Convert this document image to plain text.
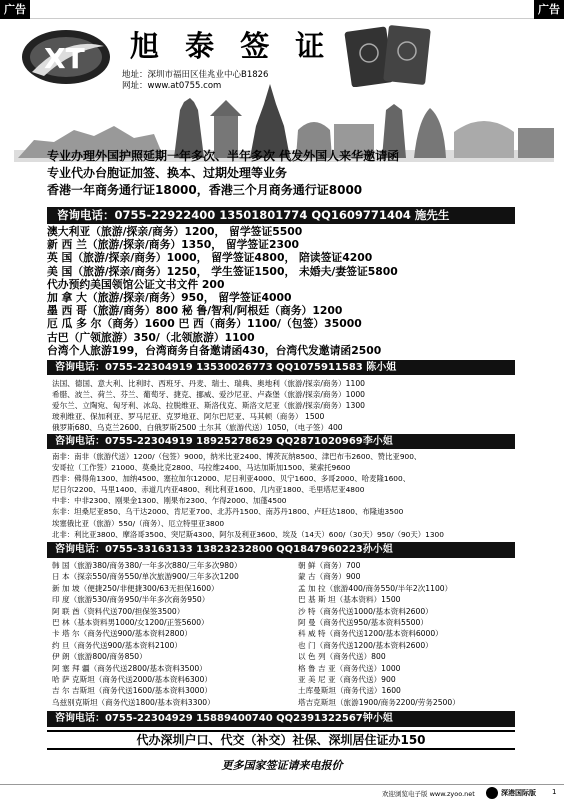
广告	广告
XT 旭 泰 签 证
地址：深圳市福田区佳兆业中心B1826
网址：www.at0755.com
专业办理外国护照延期一年多次、半年多次 代发外国人来华邀请函
专业代办台胞证加签、换本、过期处理等业务
香港一年商务通行证18000，香港三个月商务通行证8000
咨询电话：0755-22922400 13501801774 QQ1609771404 施先生
澳大利亚（旅游/探亲/商务）1200， 留学签证5500
新 西 兰（旅游/探亲/商务）1350， 留学签证2300
英 国（旅游/探亲/商务）1000， 留学签证4800， 陪读签证4200
美 国（旅游/探亲/商务）1250， 学生签证1500， 未婚夫/妻签证5800
代办预约美国领馆公证文书文件 200
加 拿 大（旅游/探亲/商务）950， 留学签证4000
墨 西 哥（旅游/商务）800 秘 鲁/智利/阿根廷（商务）1200
厄 瓜 多 尔（商务）1600 巴 西（商务）1100/（包签）35000
古巴（广领旅游）350/（北领旅游）1100
台湾个人旅游199，台湾商务自备邀请函430，台湾代发邀请函2500
咨询电话：0755-22304919 13530026773 QQ1075911583 陈小姐
法国、德国、意大利、比利时、西班牙、丹麦、瑞士、瑞典、奥地利（旅游/探亲/商务）1100
希腊、波兰、荷兰、芬兰、葡萄牙、捷克、挪威、爱沙尼亚、卢森堡（旅游/探亲/商务）1000
爱尔兰、立陶宛、匈牙利、冰岛、拉脱维亚、斯洛伐克、斯洛文尼亚（旅游/探亲/商务）1300
玻利维亚、保加利亚、罗马尼亚、克罗地亚、阿尔巴尼亚、马其顿（商务） 1500
俄罗斯680、乌克兰2600、白俄罗斯2500 土尔其（旅游代送）1050，（电子签）400
咨询电话：0755-22304919 18925278629 QQ2871020969李小姐
南非：南非（旅游代送）1200/（包签）9000，纳米比亚2400、博茨瓦纳8500、津巴布韦2600、赞比亚900、
安哥拉（工作签）21000、莫桑比克2800、马拉维2400、马达加斯加1500、莱索托9600
西非：佛得角1300、加纳4500、塞拉加尔12000、尼日利亚4000、贝宁1600、多哥2000、哈麦隆1600、
尼日尔2200、马里1400、赤道几内亚4800、利比利亚1600、几内亚1800、毛里塔尼亚4800
中非：中非2300、刚果金1300、刚果布2300、乍得2000、加蓬4500
东非：坦桑尼亚850、乌干达2000、肯尼亚700、北苏丹1500、南苏丹1800、卢旺达1800、布隆迪3500
埃塞俄比亚（旅游）550/（商务）、厄立特里亚3800
北非：利比亚3800、摩洛哥3500、突尼斯4300、阿尔及利亚3600、埃及（14天）600/（30天）950/（90天）1300
咨询电话：0755-33163133 13823232800 QQ1847960223孙小姐
韩 国（旅游380/商务380/一年多次880/三年多次980）	朝 鲜（商务）700
日 本（探亲550/商务550/单次旅游900/三年多次1200	蒙 古（商务）900
新 加 坡（便捷250/非便捷300/63无担保1600）	孟 加 拉（旅游400/商务550/半年2次1100）
印 度（旅游530/商务950/半年多次商务950）	巴 基 斯 坦（基本资料）1500
阿 联 酋（资料代送700/担保签3500）	沙 特（商务代送1000/基本资料2600）
巴 林（基本资料男1000/女1200/正签5600）	阿 曼（商务代送950/基本资料5500）
卡 塔 尔（商务代送900/基本资料2800）	科 威 特（商务代送1200/基本资料6000）
约 旦（商务代送900/基本资料2100）	也 门（商务代送1200/基本资料2600）
伊 朗（旅游800/商务850）	以 色 列（商务代送）800
阿 塞 拜 疆（商务代送2800/基本资料3500）	格 鲁 吉 亚（商务代送）1000
哈 萨 克斯坦（商务代送2000/基本资料6300）	亚 美 尼 亚（商务代送）900
吉 尔 吉斯坦（商务代送1600/基本资料3000）	土库曼斯坦（商务代送）1600
乌兹别克斯坦（商务代送1800/基本资料3300）	塔吉克斯坦（旅游1900/商务2200/劳务2500）
咨询电话：0755-22304929 15889400740 QQ2391322567钟小姐
代办深圳户口、代交（补交）社保、深圳居住证办150
更多国家签证请来电报价
欢迎浏览电子版 www.zyoo.net	深港国际版 1
